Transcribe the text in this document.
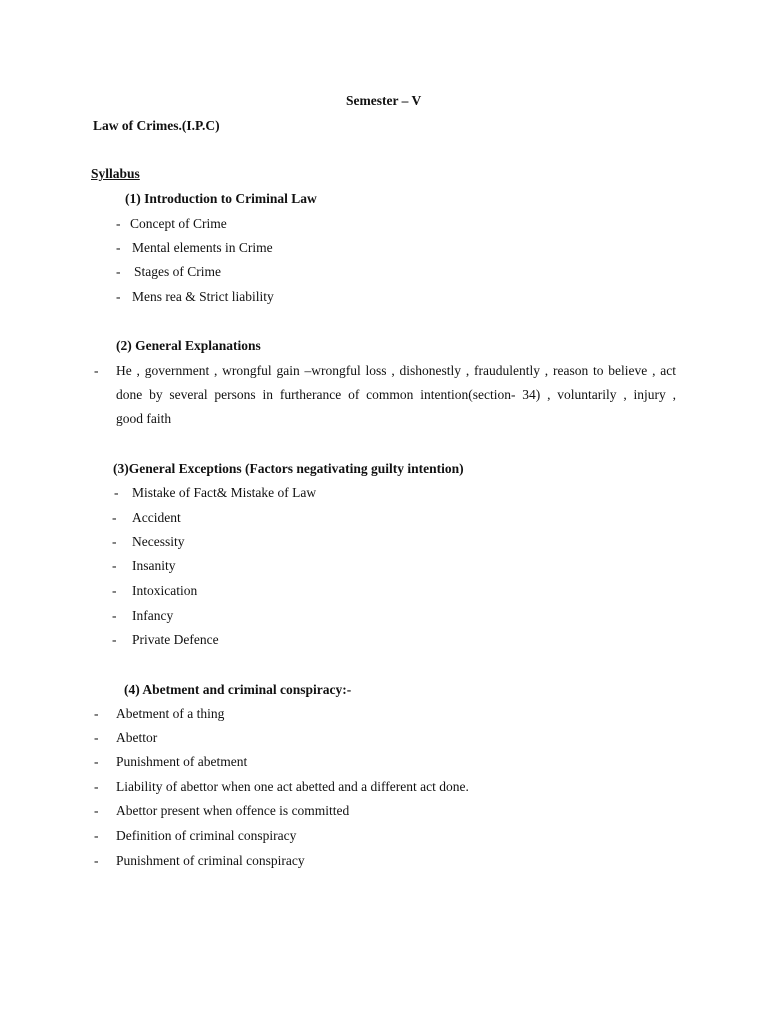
Semester – V
Law of Crimes.(I.P.C)
Syllabus
(1) Introduction to Criminal Law
- Concept of Crime
- Mental elements in Crime
- Stages of Crime
- Mens rea & Strict liability
(2) General Explanations
- He , government , wrongful gain –wrongful loss , dishonestly , fraudulently , reason to believe , act
done by several persons in furtherance of common intention(section- 34) , voluntarily , injury ,
good faith
(3)General Exceptions (Factors negativating guilty intention)
- Mistake of Fact& Mistake of Law
- Accident
- Necessity
- Insanity
- Intoxication
- Infancy
- Private Defence
(4) Abetment and criminal conspiracy:-
- Abetment of a thing
- Abettor
- Punishment of abetment
- Liability of abettor when one act abetted and a different act done.
- Abettor present when offence is committed
- Definition of criminal conspiracy
- Punishment of criminal conspiracy
